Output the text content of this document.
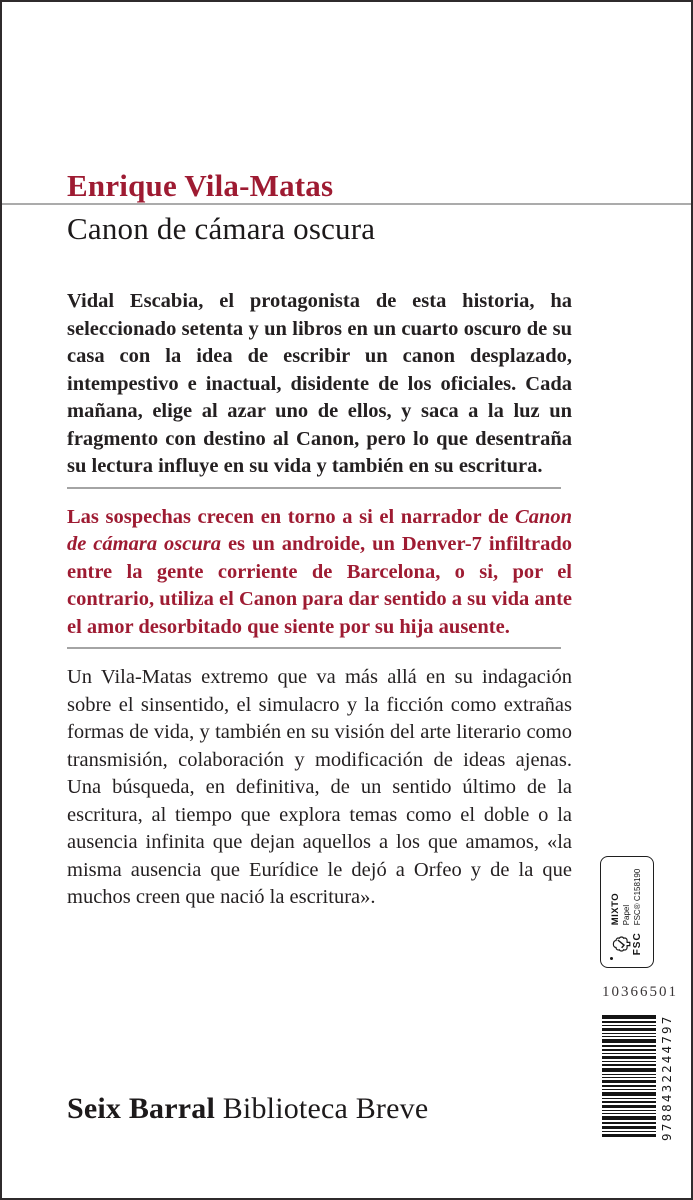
Enrique Vila-Matas
Canon de cámara oscura

Vidal Escabia, el protagonista de esta historia, ha seleccionado setenta y un libros en un cuarto oscuro de su casa con la idea de escribir un canon desplazado, intempestivo e inactual, disidente de los oficiales. Cada mañana, elige al azar uno de ellos, y saca a la luz un fragmento con destino al Canon, pero lo que desentraña su lectura influye en su vida y también en su escritura.

Las sospechas crecen en torno a si el narrador de Canon de cámara oscura es un androide, un Denver-7 infiltrado entre la gente corriente de Barcelona, o si, por el contrario, utiliza el Canon para dar sentido a su vida ante el amor desorbitado que siente por su hija ausente.

Un Vila-Matas extremo que va más allá en su indagación sobre el sinsentido, el simulacro y la ficción como extrañas formas de vida, y también en su visión del arte literario como transmisión, colaboración y modificación de ideas ajenas. Una búsqueda, en definitiva, de un sentido último de la escritura, al tiempo que explora temas como el doble o la ausencia infinita que dejan aquellos a los que amamos, «la misma ausencia que Eurídice le dejó a Orfeo y de la que muchos creen que nació la escritura».

FSC
MIXTO Papel FSC® C158190
10366501
9788432244797
Seix Barral Biblioteca Breve
